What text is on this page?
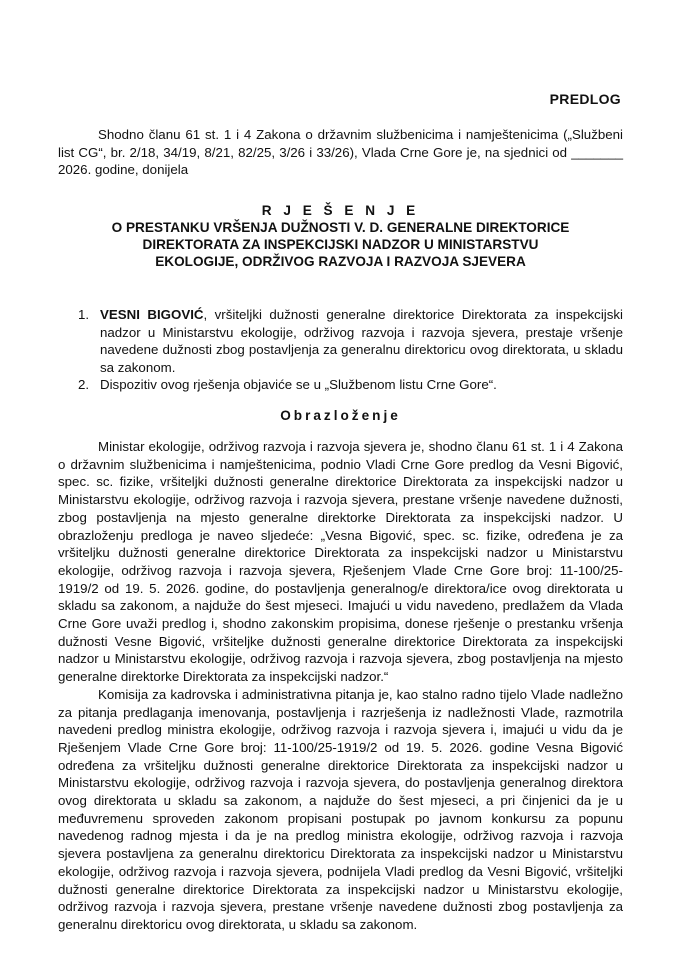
PREDLOG
Shodno članu 61 st. 1 i 4 Zakona o državnim službenicima i namještenicima („Službeni list CG“, br. 2/18, 34/19, 8/21, 82/25, 3/26 i 33/26), Vlada Crne Gore je, na sjednici od _______ 2026. godine, donijela
R J E Š E N J E
O PRESTANKU VRŠENJA DUŽNOSTI V. D. GENERALNE DIREKTORICE
DIREKTORATA ZA INSPEKCIJSKI NADZOR U MINISTARSTVU
EKOLOGIJE, ODRŽIVOG RAZVOJA I RAZVOJA SJEVERA
1. VESNI BIGOVIĆ, vršiteljki dužnosti generalne direktorice Direktorata za inspekcijski nadzor u Ministarstvu ekologije, održivog razvoja i razvoja sjevera, prestaje vršenje navedene dužnosti zbog postavljenja za generalnu direktoricu ovog direktorata, u skladu sa zakonom.
2. Dispozitiv ovog rješenja objaviće se u „Službenom listu Crne Gore“.
Obrazloženje

Ministar ekologije, održivog razvoja i razvoja sjevera je, shodno članu 61 st. 1 i 4 Zakona o državnim službenicima i namještenicima, podnio Vladi Crne Gore predlog da Vesni Bigović, spec. sc. fizike, vršiteljki dužnosti generalne direktorice Direktorata za inspekcijski nadzor u Ministarstvu ekologije, održivog razvoja i razvoja sjevera, prestane vršenje navedene dužnosti, zbog postavljenja na mjesto generalne direktorke Direktorata za inspekcijski nadzor. U obrazloženju predloga je naveo sljedeće: „Vesna Bigović, spec. sc. fizike, određena je za vršiteljku dužnosti generalne direktorice Direktorata za inspekcijski nadzor u Ministarstvu ekologije, održivog razvoja i razvoja sjevera, Rješenjem Vlade Crne Gore broj: 11-100/25-1919/2 od 19. 5. 2026. godine, do postavljenja generalnog/e direktora/ice ovog direktorata u skladu sa zakonom, a najduže do šest mjeseci. Imajući u vidu navedeno, predlažem da Vlada Crne Gore uvaži predlog i, shodno zakonskim propisima, donese rješenje o prestanku vršenja dužnosti Vesne Bigović, vršiteljke dužnosti generalne direktorice Direktorata za inspekcijski nadzor u Ministarstvu ekologije, održivog razvoja i razvoja sjevera, zbog postavljenja na mjesto generalne direktorke Direktorata za inspekcijski nadzor.“

Komisija za kadrovska i administrativna pitanja je, kao stalno radno tijelo Vlade nadležno za pitanja predlaganja imenovanja, postavljenja i razrješenja iz nadležnosti Vlade, razmotrila navedeni predlog ministra ekologije, održivog razvoja i razvoja sjevera i, imajući u vidu da je Rješenjem Vlade Crne Gore broj: 11-100/25-1919/2 od 19. 5. 2026. godine Vesna Bigović određena za vršiteljku dužnosti generalne direktorice Direktorata za inspekcijski nadzor u Ministarstvu ekologije, održivog razvoja i razvoja sjevera, do postavljenja generalnog direktora ovog direktorata u skladu sa zakonom, a najduže do šest mjeseci, a pri činjenici da je u međuvremenu sproveden zakonom propisani postupak po javnom konkursu za popunu navedenog radnog mjesta i da je na predlog ministra ekologije, održivog razvoja i razvoja sjevera postavljena za generalnu direktoricu Direktorata za inspekcijski nadzor u Ministarstvu ekologije, održivog razvoja i razvoja sjevera, podnijela Vladi predlog da Vesni Bigović, vršiteljki dužnosti generalne direktorice Direktorata za inspekcijski nadzor u Ministarstvu ekologije, održivog razvoja i razvoja sjevera, prestane vršenje navedene dužnosti zbog postavljenja za generalnu direktoricu ovog direktorata, u skladu sa zakonom.
